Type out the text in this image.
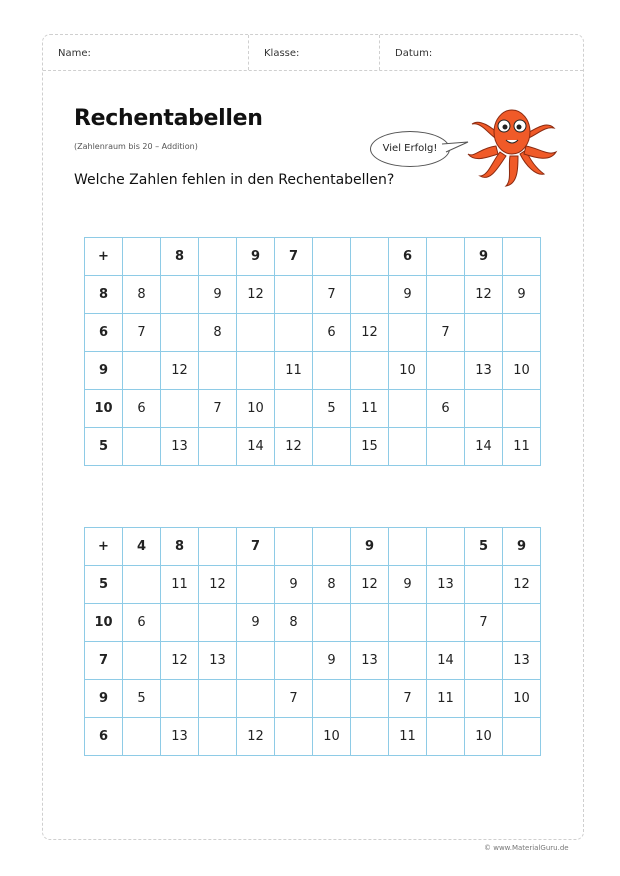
Name:	Klasse:	Datum:
Rechentabellen
(Zahlenraum bis 20 – Addition)
Welche Zahlen fehlen in den Rechentabellen?
Viel Erfolg!
+		8		9	7			6		9	
8	8		9	12		7		9		12	9
6	7		8			6	12		7		
9		12			11			10		13	10
10	6		7	10		5	11		6		
5		13		14	12		15			14	11
+	4	8		7			9			5	9
5		11	12		9	8	12	9	13		12
10	6			9	8					7	
7		12	13			9	13		14		13
9	5				7			7	11		10
6		13		12		10		11		10	
© www.MaterialGuru.de
